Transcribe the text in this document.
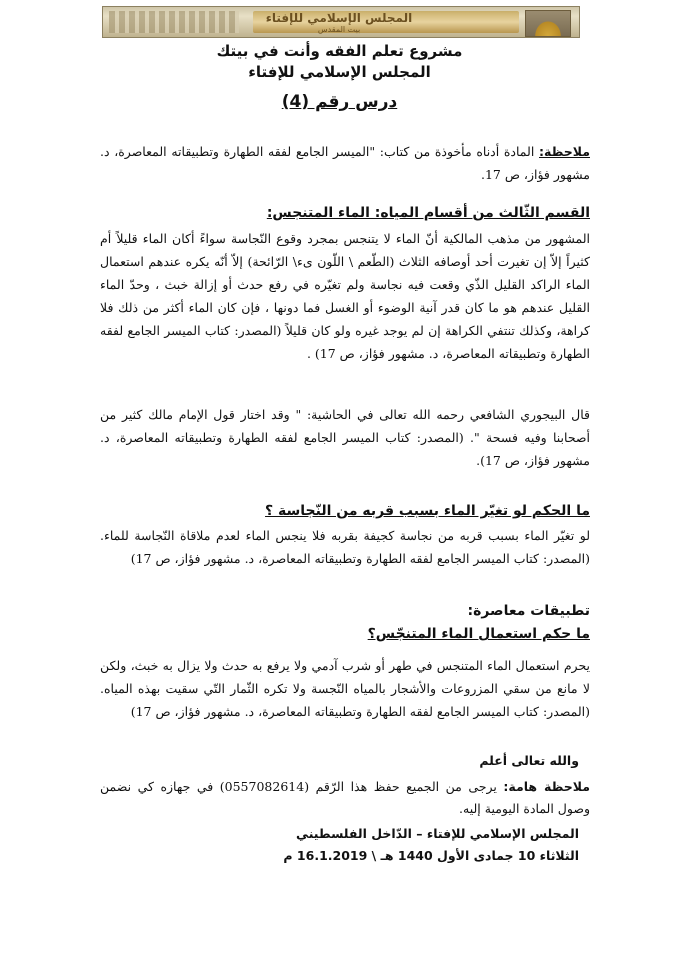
المجلس الإسلامي للإفتاء
بيت المقدس
مشروع تعلم الفقه وأنت في بيتك
المجلس الإسلامي للإفتاء
درس رقم (4)
ملاحظة: المادة أدناه مأخوذة من كتاب: "الميسر الجامع لفقه الطهارة وتطبيقاته المعاصرة، د. مشهور فؤاز، ص 17.
القسم الثّالث من أقسام المياه: الماء المتنجس:
المشهور من مذهب المالكية أنّ الماء لا يتنجس بمجرد وقوع النّجاسة سواءً أكان الماء قليلاً أم كثيراً إلاّ إن تغيرت أحد أوصافه الثلاث (الطّعم \ اللّون ىء\ الرّائحة) إلاّ أنّه يكره عندهم استعمال الماء الراكد القليل الذّي وقعت فيه نجاسة ولم تغيّره في رفع حدث أو إزالة خبث ، وحدّ الماء القليل عندهم هو ما كان قدر آنية الوضوء أو الغسل فما دونها ، فإن كان الماء أكثر من ذلك فلا كراهة، وكذلك تنتفي الكراهة إن لم يوجد غيره ولو كان قليلاً (المصدر: كتاب الميسر الجامع لفقه الطهارة وتطبيقاته المعاصرة، د. مشهور فؤاز، ص 17) .
قال البيجوري الشافعي رحمه الله تعالى في الحاشية: " وقد اختار قول الإمام مالك كثير من أصحابنا وفيه فسحة ". (المصدر: كتاب الميسر الجامع لفقه الطهارة وتطبيقاته المعاصرة، د. مشهور فؤاز، ص 17).
ما الحكم لو تغيّر الماء بسبب قربه من النّجاسة ؟
لو تغيّر الماء بسبب قربه من نجاسة كجيفة بقربه فلا ينجس الماء لعدم ملاقاة النّجاسة للماء. (المصدر: كتاب الميسر الجامع لفقه الطهارة وتطبيقاته المعاصرة، د. مشهور فؤاز، ص 17)
تطبيقات معاصرة:
ما حكم استعمال الماء المتنجّس؟
يحرم استعمال الماء المتنجس في طهر أو شرب آدمي ولا يرفع به حدث ولا يزال به خبث، ولكن لا مانع من سقي المزروعات والأشجار بالمياه النّجسة ولا تكره الثّمار التّي سقيت بهذه المياه. (المصدر: كتاب الميسر الجامع لفقه الطهارة وتطبيقاته المعاصرة، د. مشهور فؤاز، ص 17)
والله تعالى أعلم
ملاحظة هامة: يرجى من الجميع حفظ هذا الرّقم (0557082614) في جهازه كي نضمن وصول المادة اليومية إليه.
المجلس الإسلامي للإفتاء – الدّاخل الفلسطيني
الثلاثاء 10 جمادى الأول 1440 هـ \ 16.1.2019 م
